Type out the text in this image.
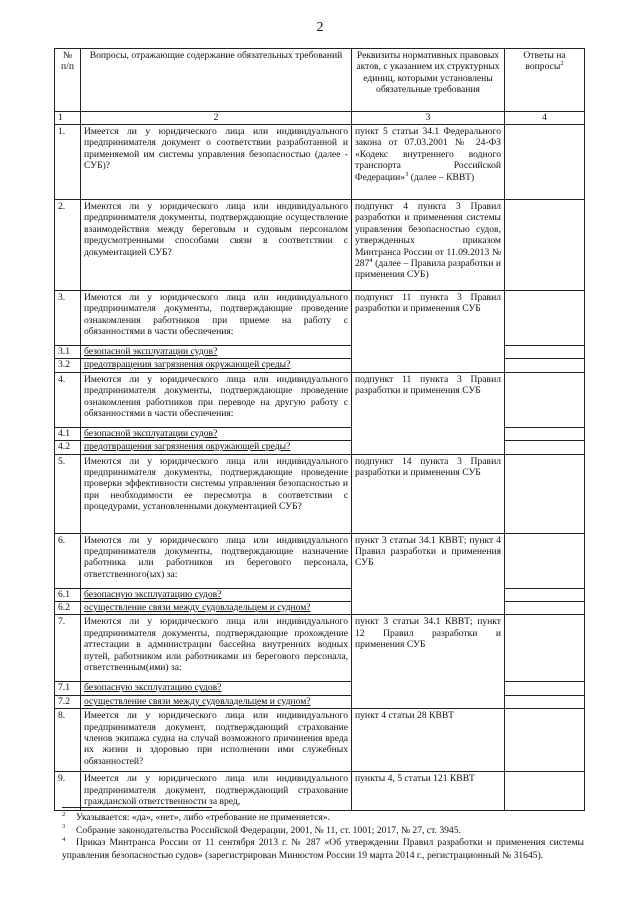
2
№ п/п	Вопросы, отражающие содержание обязательных требований	Реквизиты нормативных правовых актов, с указанием их структурных единиц, которыми установлены обязательные требования	Ответы на вопросы$^2$
1	2	3	4
1.	Имеется ли у юридического лица или индивидуального предпринимателя документ о соответствии разработанной и применяемой им системы управления безопасностью (далее - СУБ)?	пункт 5 статьи 34.1 Федерального закона от 07.03.2001 № 24-ФЗ «Кодекс внутреннего водного транспорта Российской Федерации»$^3$ (далее – КВВТ)	
2.	Имеются ли у юридического лица или индивидуального предпринимателя документы, подтверждающие осуществление взаимодействия между береговым и судовым персоналом предусмотренными способами связи в соответствии с документацией СУБ?	подпункт 4 пункта 3 Правил разработки и применения системы управления безопасностью судов, утвержденных приказом Минтранса России от 11.09.2013 № $287^4$ (далее – Правила разработки и применения СУБ)	
3.	Имеются ли у юридического лица или индивидуального предпринимателя документы, подтверждающие проведение ознакомления работников при приеме на работу с обязанностями в части обеспечения:	подпункт 11 пункта 3 Правил разработки и применения СУБ	
3.1	безопасной эксплуатации судов?		
3.2	предотвращения загрязнения окружающей среды?		
4.	Имеются ли у юридического лица или индивидуального предпринимателя документы, подтверждающие проведение ознакомления работников при переводе на другую работу с обязанностями в части обеспечения:	подпункт 11 пункта 3 Правил разработки и применения СУБ	
4.1	безопасной эксплуатации судов?		
4.2	предотвращения загрязнения окружающей среды?		
5.	Имеются ли у юридического лица или индивидуального предпринимателя документы, подтверждающие проведение проверки эффективности системы управления безопасностью и при необходимости ее пересмотра в соответствии с процедурами, установленными документацией СУБ?	подпункт 14 пункта 3 Правил разработки и применения СУБ	
6.	Имеются ли у юридического лица или индивидуального предпринимателя документы, подтверждающие назначение работника или работников из берегового персонала, ответственного(ых) за:	пункт 3 статьи 34.1 КВВТ; пункт 4 Правил разработки и применения СУБ	
6.1	безопасную эксплуатацию судов?		
6.2	осуществление связи между судовладельцем и судном?		
7.	Имеются ли у юридического лица или индивидуального предпринимателя документы, подтверждающие прохождение аттестации в администрации бассейна внутренних водных путей, работником или работниками из берегового персонала, ответственным(ими) за:	пункт 3 статьи 34.1 КВВТ; пункт 12 Правил разработки и применения СУБ	
7.1	безопасную эксплуатацию судов?		
7.2	осуществление связи между судовладельцем и судном?		
8.	Имеется ли у юридического лица или индивидуального предпринимателя документ, подтверждающий страхование членов экипажа судна на случай возможного причинения вреда их жизни и здоровью при исполнении ими служебных обязанностей?	пункт 4 статьи 28 КВВТ	
9.	Имеется ли у юридического лица или индивидуального предпринимателя документ, подтверждающий страхование гражданской ответственности за вред,	пункты 4, 5 статьи 121 КВВТ	
$^2$ Указывается: «да», «нет», либо «требование не применяется».
$^3$ Собрание законодательства Российской Федерации, 2001, № 11, ст. 1001; 2017, № 27, ст. 3945.
$^4$ Приказ Минтранса России от 11 сентября 2013 г. № 287 «Об утверждении Правил разработки и применения системы управления безопасностью судов» (зарегистрирован Минюстом России 19 марта 2014 г., регистрационный № 31645).
